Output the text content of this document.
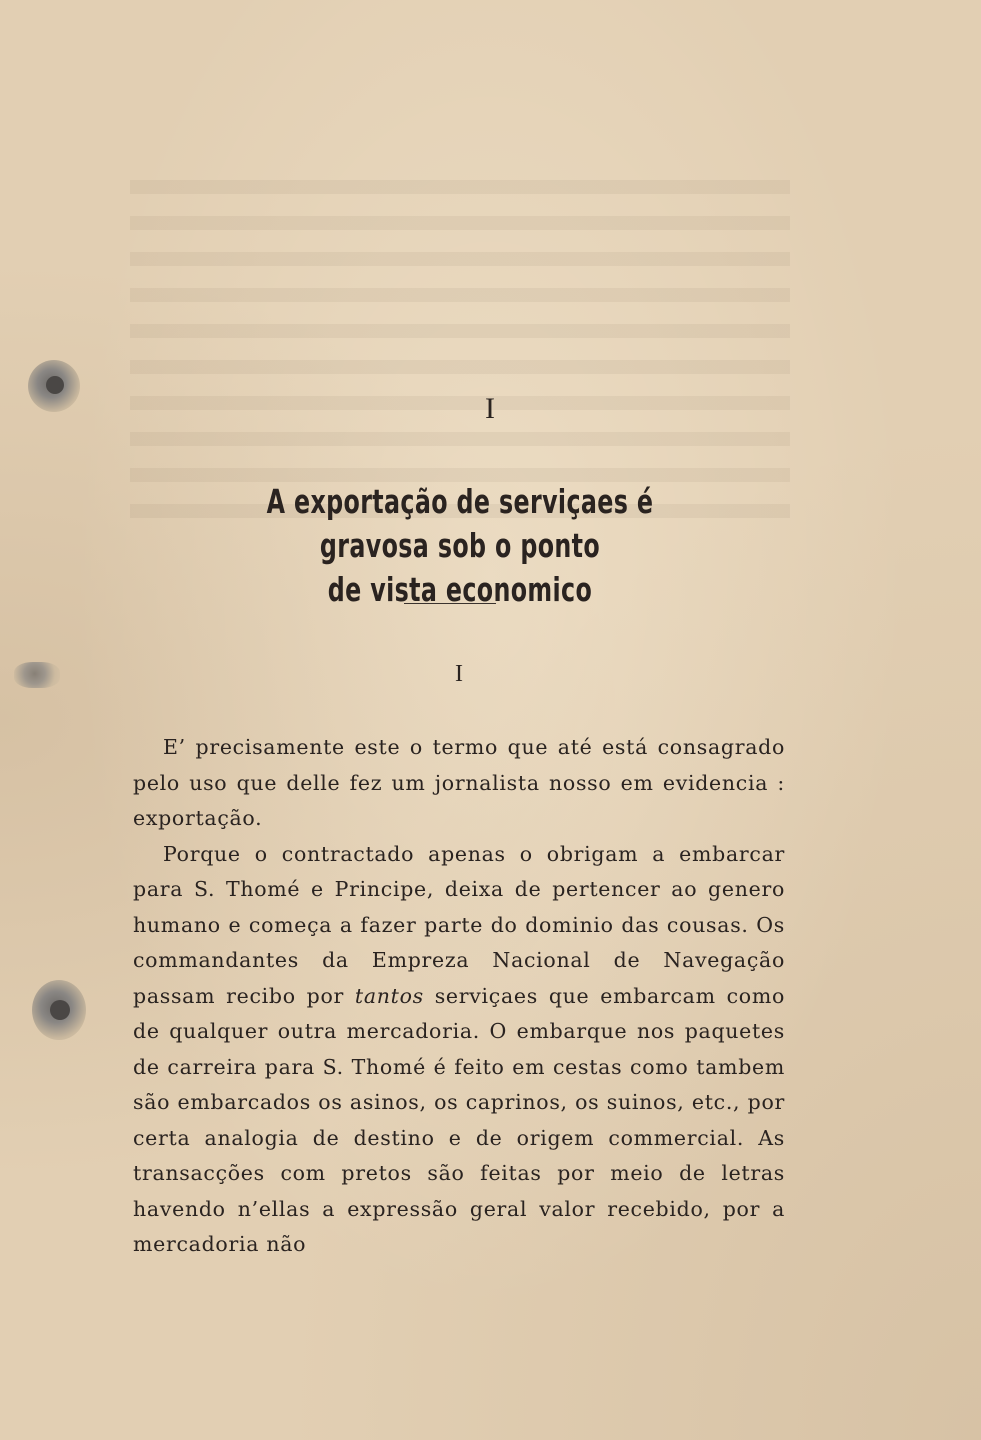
I
A exportação de serviçaes é gravosa sob o ponto
de vista economico
I

E’ precisamente este o termo que até está consagrado pelo uso que delle fez um jornalista nosso em evidencia : exportação.

Porque o contractado apenas o obrigam a embarcar para S. Thomé e Principe, deixa de pertencer ao genero humano e começa a fazer parte do dominio das cousas. Os commandantes da Empreza Nacional de Navegação passam recibo por tantos serviçaes que embarcam como de qualquer outra mercadoria. O embarque nos paquetes de carreira para S. Thomé é feito em cestas como tambem são embarcados os asinos, os caprinos, os suinos, etc., por certa analogia de destino e de origem commercial. As transacções com pretos são feitas por meio de letras havendo n’ellas a expressão geral valor recebido, por a mercadoria não
